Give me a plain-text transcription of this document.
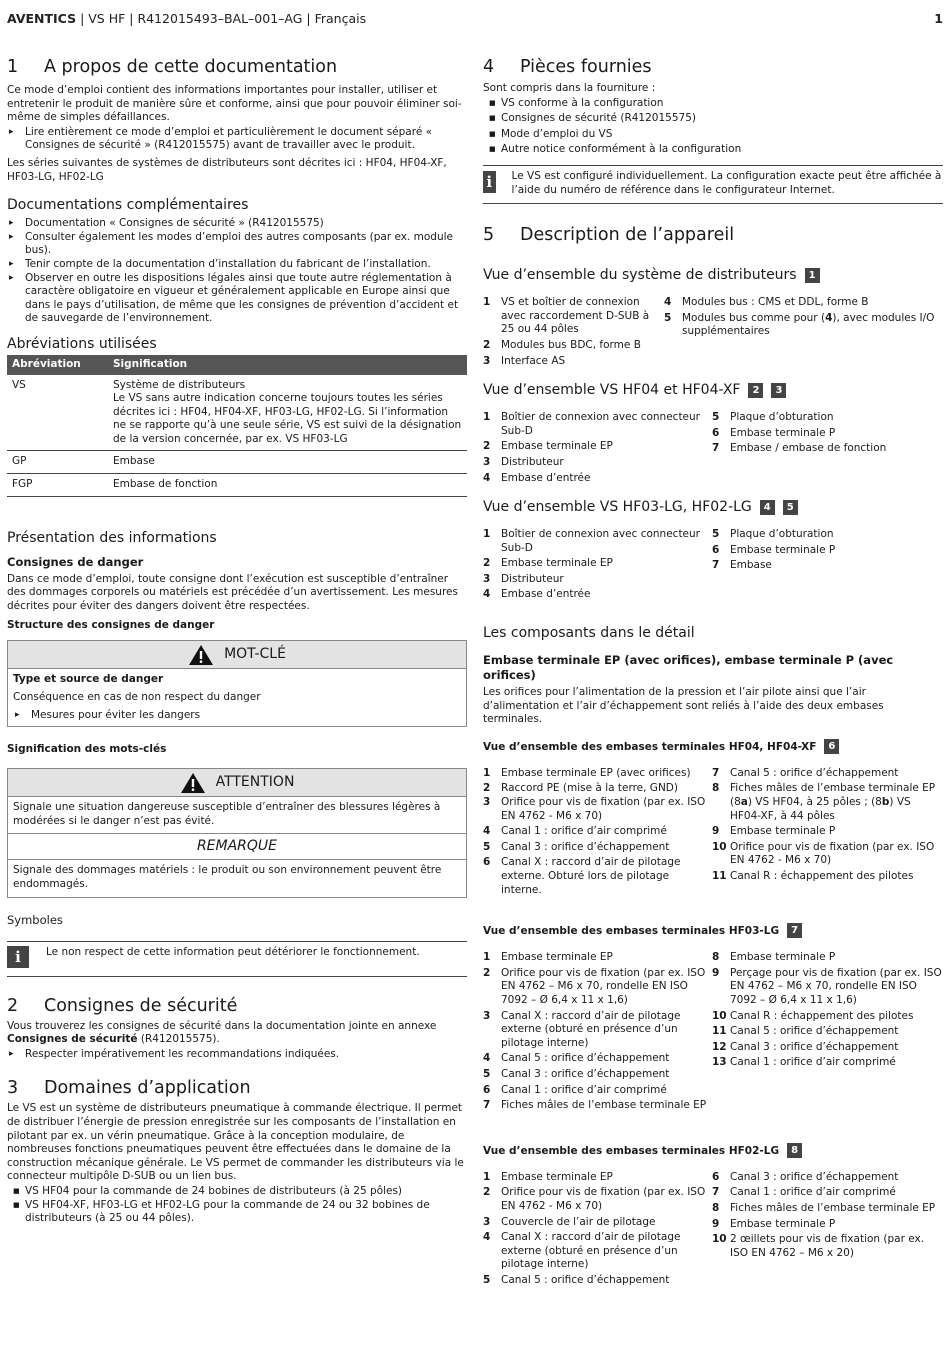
AVENTICS | VS HF | R412015493–BAL–001–AG | Français	1
1	A propos de cette documentation

Ce mode d’emploi contient des informations importantes pour installer, utiliser et entretenir le produit de manière sûre et conforme, ainsi que pour pouvoir éliminer soi-même de simples défaillances.

▸ Lire entièrement ce mode d’emploi et particulièrement le document séparé « Consignes de sécurité » (R412015575) avant de travailler avec le produit.

Les séries suivantes de systèmes de distributeurs sont décrites ici : HF04, HF04-XF, HF03-LG, HF02-LG

Documentations complémentaires
▸ Documentation « Consignes de sécurité » (R412015575)
▸ Consulter également les modes d’emploi des autres composants (par ex. module bus).
▸ Tenir compte de la documentation d’installation du fabricant de l’installation.
▸ Observer en outre les dispositions légales ainsi que toute autre réglementation à caractère obligatoire en vigueur et généralement applicable en Europe ainsi que dans le pays d’utilisation, de même que les consignes de prévention d’accident et de sauvegarde de l’environnement.
Abréviations utilisées
Abréviation	Signification
VS	Système de distributeurs
Le VS sans autre indication concerne toujours toutes les séries décrites ici : HF04, HF04-XF, HF03-LG, HF02-LG. Si l’information ne se rapporte qu’à une seule série, VS est suivi de la désignation de la version concernée, par ex. VS HF03-LG

GP	Embase
FGP	Embase de fonction
Présentation des informations
Consignes de danger

Dans ce mode d’emploi, toute consigne dont l’exécution est susceptible d’entraîner des dommages corporels ou matériels est précédée d’un avertissement. Les mesures décrites pour éviter des dangers doivent être respectées.

Structure des consignes de danger
MOT-CLÉ
Type et source de danger
Conséquence en cas de non respect du danger
▸ Mesures pour éviter les dangers
Signification des mots-clés
ATTENTION
Signale une situation dangereuse susceptible d’entraîner des blessures légères à modérées si le danger n’est pas évité.
REMARQUE
Signale des dommages matériels : le produit ou son environnement peuvent être endommagés.
Symboles
i	Le non respect de cette information peut détériorer le fonctionnement.
2	Consignes de sécurité

Vous trouverez les consignes de sécurité dans la documentation jointe en annexe Consignes de sécurité (R412015575).

▸ Respecter impérativement les recommandations indiquées.
3	Domaines d’application

Le VS est un système de distributeurs pneumatique à commande électrique. Il permet de distribuer l’énergie de pression enregistrée sur les composants de l’installation en pilotant par ex. un vérin pneumatique. Grâce à la conception modulaire, de nombreuses fonctions pneumatiques peuvent être effectuées dans le domaine de la construction mécanique générale. Le VS permet de commander les distributeurs via le connecteur multipôle D-SUB ou un lien bus.

■ VS HF04 pour la commande de 24 bobines de distributeurs (à 25 pôles)
■ VS HF04-XF, HF03-LG et HF02-LG pour la commande de 24 ou 32 bobines de distributeurs (à 25 ou 44 pôles).
4	Pièces fournies

Sont compris dans la fourniture :

■ VS conforme à la configuration
■ Consignes de sécurité (R412015575)
■ Mode d’emploi du VS
■ Autre notice conformément à la configuration
i	Le VS est configuré individuellement. La configuration exacte peut être affichée à l’aide du numéro de référence dans le configurateur Internet.
5	Description de l’appareil
Vue d’ensemble du système de distributeurs 1
1	VS et boîtier de connexion avec raccordement D-SUB à 25 ou 44 pôles
2	Modules bus BDC, forme B
3	Interface AS
4	Modules bus : CMS et DDL, forme B
5	Modules bus comme pour (4), avec modules I/O supplémentaires
Vue d’ensemble VS HF04 et HF04-XF 2 3
1	Boîtier de connexion avec connecteur Sub-D
2	Embase terminale EP
3	Distributeur
4	Embase d’entrée
5	Plaque d’obturation
6	Embase terminale P
7	Embase / embase de fonction
Vue d’ensemble VS HF03-LG, HF02-LG 4 5
1	Boîtier de connexion avec connecteur Sub-D
2	Embase terminale EP
3	Distributeur
4	Embase d’entrée
5	Plaque d’obturation
6	Embase terminale P
7	Embase
Les composants dans le détail
Embase terminale EP (avec orifices), embase terminale P (avec orifices)

Les orifices pour l’alimentation de la pression et l’air pilote ainsi que l’air d’alimentation et l’air d’échappement sont reliés à l’aide des deux embases terminales.

Vue d’ensemble des embases terminales HF04, HF04-XF 6
1	Embase terminale EP (avec orifices)
2	Raccord PE (mise à la terre, GND)
3	Orifice pour vis de fixation (par ex. ISO EN 4762 - M6 x 70)
4	Canal 1 : orifice d’air comprimé
5	Canal 3 : orifice d’échappement
6	Canal X : raccord d’air de pilotage externe. Obturé lors de pilotage interne.
7	Canal 5 : orifice d’échappement
8	Fiches mâles de l’embase terminale EP (8a) VS HF04, à 25 pôles ; (8b) VS HF04-XF, à 44 pôles
9	Embase terminale P
10 Orifice pour vis de fixation (par ex. ISO EN 4762 - M6 x 70)
11 Canal R : échappement des pilotes
Vue d’ensemble des embases terminales HF03-LG 7
1	Embase terminale EP
2	Orifice pour vis de fixation (par ex. ISO EN 4762 – M6 x 70, rondelle EN ISO 7092 – Ø 6,4 x 11 x 1,6)
3	Canal X : raccord d’air de pilotage externe (obturé en présence d’un pilotage interne)
4	Canal 5 : orifice d’échappement
5	Canal 3 : orifice d’échappement
6	Canal 1 : orifice d’air comprimé
7	Fiches mâles de l’embase terminale EP
8	Embase terminale P
9	Perçage pour vis de fixation (par ex. ISO EN 4762 – M6 x 70, rondelle EN ISO 7092 – Ø 6,4 x 11 x 1,6)
10 Canal R : échappement des pilotes
11 Canal 5 : orifice d’échappement
12 Canal 3 : orifice d’échappement
13 Canal 1 : orifice d’air comprimé
Vue d’ensemble des embases terminales HF02-LG 8
1	Embase terminale EP
2	Orifice pour vis de fixation (par ex. ISO EN 4762 - M6 x 70)
3	Couvercle de l’air de pilotage
4	Canal X : raccord d’air de pilotage externe (obturé en présence d’un pilotage interne)
5	Canal 5 : orifice d’échappement
6	Canal 3 : orifice d’échappement
7	Canal 1 : orifice d’air comprimé
8	Fiches mâles de l’embase terminale EP
9	Embase terminale P
10 2 œillets pour vis de fixation (par ex. ISO EN 4762 – M6 x 20)
